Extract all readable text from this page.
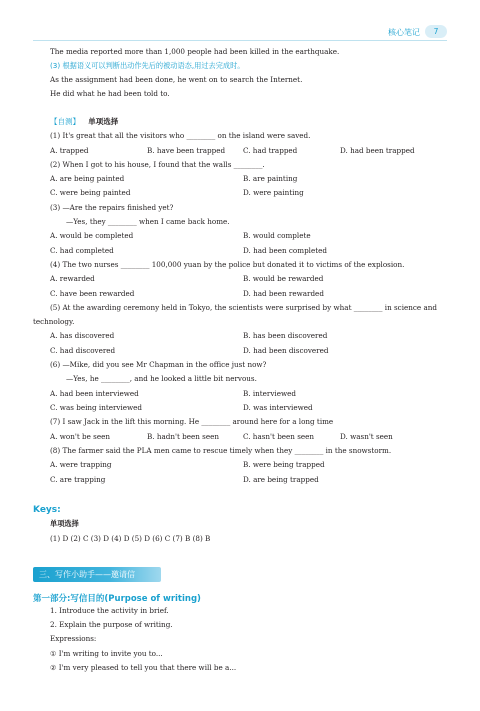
核心笔记	7
The media reported more than 1,000 people had been killed in the earthquake.
(3) 根据语义可以判断出动作先后的被动语态,用过去完成时。
As the assignment had been done, he went on to search the Internet.
He did what he had been told to.
【自测】 单项选择
(1) It's great that all the visitors who ________ on the island were saved.
A. trapped	B. have been trapped C. had trapped	D. had been trapped
(2) When I got to his house, I found that the walls ________.
A. are being painted	B. are painting
C. were being painted	D. were painting
(3) —Are the repairs finished yet?
—Yes, they ________ when I came back home.
A. would be completed	B. would complete
C. had completed	D. had been completed
(4) The two nurses ________ 100,000 yuan by the police but donated it to victims of the explosion.
A. rewarded	B. would be rewarded
C. have been rewarded	D. had been rewarded
(5) At the awarding ceremony held in Tokyo, the scientists were surprised by what ________ in science and
technology.
A. has discovered	B. has been discovered
C. had discovered	D. had been discovered
(6) —Mike, did you see Mr Chapman in the office just now?
—Yes, he ________, and he looked a little bit nervous.
A. had been interviewed	B. interviewed
C. was being interviewed	D. was interviewed
(7) I saw Jack in the lift this morning. He ________ around here for a long time
A. won't be seen	B. hadn't been seen	C. hasn't been seen	D. wasn't seen
(8) The farmer said the PLA men came to rescue timely when they ________ in the snowstorm.
A. were trapping	B. were being trapped
C. are trapping	D. are being trapped
Keys:
单项选择
(1) D (2) C (3) D (4) D (5) D (6) C (7) B (8) B
三、写作小助手——邀请信
第一部分:写信目的(Purpose of writing)
1. Introduce the activity in brief.
2. Explain the purpose of writing.
Expressions:
① I'm writing to invite you to...
② I'm very pleased to tell you that there will be a...
